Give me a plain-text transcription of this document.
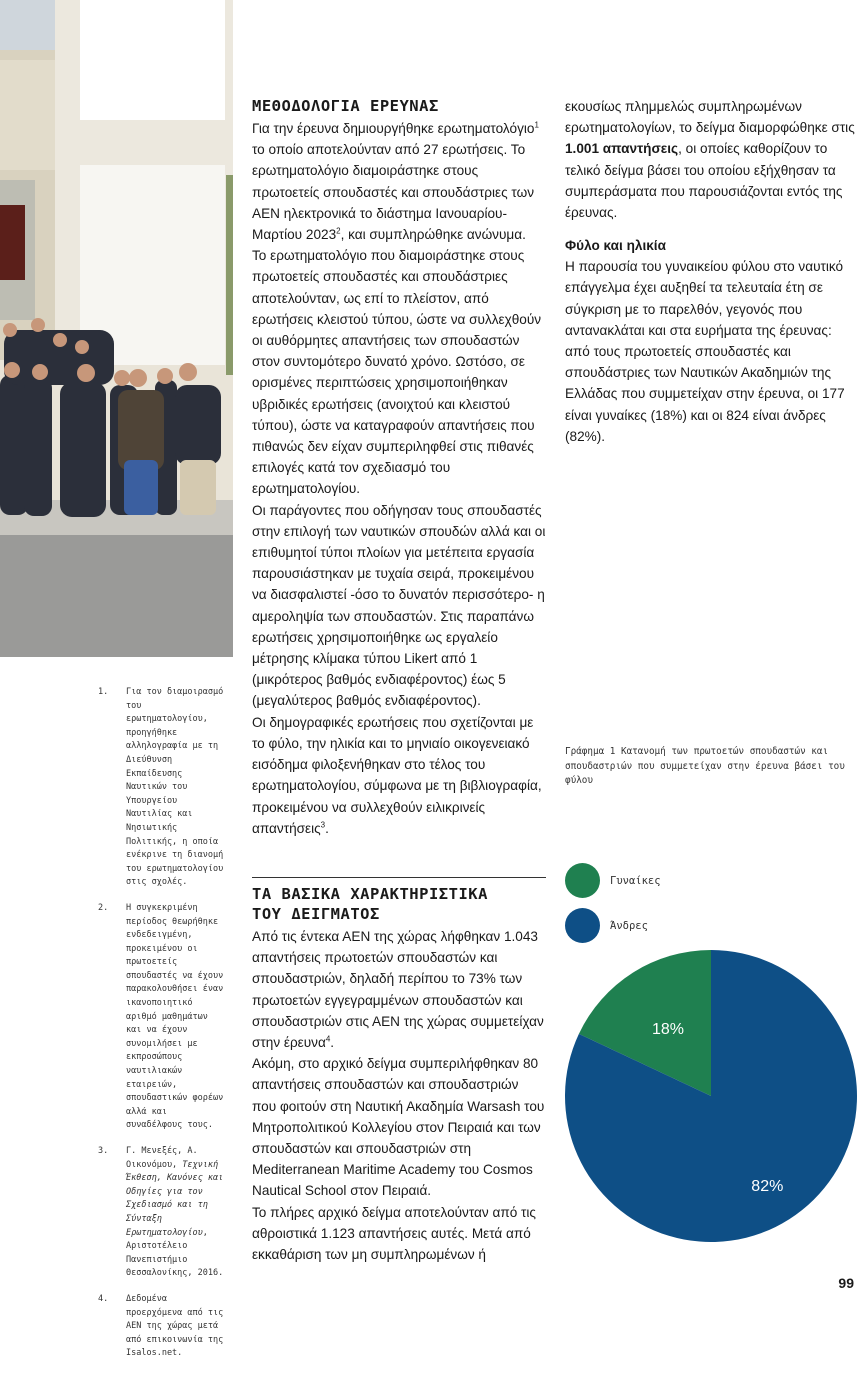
ΜΕΘΟΔΟΛΟΓΙΑ ΕΡΕΥΝΑΣ

Για την έρευνα δημιουργήθηκε ερωτηματολόγιο$^1$ το οποίο αποτελούνταν από 27 ερωτήσεις. Το ερωτηματολόγιο διαμοιράστηκε στους πρωτοετείς σπουδαστές και σπουδάστριες των ΑΕΝ ηλεκτρονικά το διάστημα Ιανουαρίου-Μαρτίου 2023$^2$, και συμπληρώθηκε ανώνυμα.

Το ερωτηματολόγιο που διαμοιράστηκε στους πρωτοετείς σπουδαστές και σπουδάστριες αποτελούνταν, ως επί το πλείστον, από ερωτήσεις κλειστού τύπου, ώστε να συλλεχθούν οι αυθόρμητες απαντήσεις των σπουδαστών στον συντομότερο δυνατό χρόνο. Ωστόσο, σε ορισμένες περιπτώσεις χρησιμοποιήθηκαν υβριδικές ερωτήσεις (ανοιχτού και κλειστού τύπου), ώστε να καταγραφούν απαντήσεις που πιθανώς δεν είχαν συμπεριληφθεί στις πιθανές επιλογές κατά τον σχεδιασμό του ερωτηματολογίου.

Οι παράγοντες που οδήγησαν τους σπουδαστές στην επιλογή των ναυτικών σπουδών αλλά και οι επιθυμητοί τύποι πλοίων για μετέπειτα εργασία παρουσιάστηκαν με τυχαία σειρά, προκειμένου να διασφαλιστεί -όσο το δυνατόν περισσότερο- η αμεροληψία των σπουδαστών. Στις παραπάνω ερωτήσεις χρησιμοποιήθηκε ως εργαλείο μέτρησης κλίμακα τύπου Likert από 1 (μικρότερος βαθμός ενδιαφέροντος) έως 5 (μεγαλύτερος βαθμός ενδιαφέροντος).

Οι δημογραφικές ερωτήσεις που σχετίζονται με το φύλο, την ηλικία και το μηνιαίο οικογενειακό εισόδημα φιλοξενήθηκαν στο τέλος του ερωτηματολογίου, σύμφωνα με τη βιβλιογραφία, προκειμένου να συλλεχθούν ειλικρινείς απαντήσεις$^3$.

ΤΑ ΒΑΣΙΚΑ ΧΑΡΑΚΤΗΡΙΣΤΙΚΑ
ΤΟΥ ΔΕΙΓΜΑΤΟΣ

Από τις έντεκα ΑΕΝ της χώρας λήφθηκαν 1.043 απαντήσεις πρωτοετών σπουδαστών και σπουδαστριών, δηλαδή περίπου το 73% των πρωτοετών εγγεγραμμένων σπουδαστών και σπουδαστριών στις ΑΕΝ της χώρας συμμετείχαν στην έρευνα$^4$.

Ακόμη, στο αρχικό δείγμα συμπεριλήφθηκαν 80 απαντήσεις σπουδαστών και σπουδαστριών που φοιτούν στη Ναυτική Ακαδημία Warsash του Μητροπολιτικού Κολλεγίου στον Πειραιά και των σπουδαστών και σπουδαστριών στη Mediterranean Maritime Academy του Cosmos Nautical School στον Πειραιά.

Το πλήρες αρχικό δείγμα αποτελούνταν από τις αθροιστικά 1.123 απαντήσεις αυτές. Μετά από εκκαθάριση των μη συμπληρωμένων ή

εκουσίως πλημμελώς συμπληρωμένων ερωτηματολογίων, το δείγμα διαμορφώθηκε στις 1.001 απαντήσεις, οι οποίες καθορίζουν το τελικό δείγμα βάσει του οποίου εξήχθησαν τα συμπεράσματα που παρουσιάζονται εντός της έρευνας.

Φύλο και ηλικία

Η παρουσία του γυναικείου φύλου στο ναυτικό επάγγελμα έχει αυξηθεί τα τελευταία έτη σε σύγκριση με το παρελθόν, γεγονός που αντανακλάται και στα ευρήματα της έρευνας: από τους πρωτοετείς σπουδαστές και σπουδάστριες των Ναυτικών Ακαδημιών της Ελλάδας που συμμετείχαν στην έρευνα, οι 177 είναι γυναίκες (18%) και οι 824 είναι άνδρες (82%).

1.	Για τον διαμοιρασμό του ερωτηματολογίου, προηγήθηκε αλληλογραφία με τη Διεύθυνση Εκπαίδευσης Ναυτικών του Υπουργείου Ναυτιλίας και Νησιωτικής Πολιτικής, η οποία ενέκρινε τη διανομή του ερωτηματολογίου στις σχολές.
2.	Η συγκεκριμένη περίοδος θεωρήθηκε ενδεδειγμένη, προκειμένου οι πρωτοετείς σπουδαστές να έχουν παρακολουθήσει έναν ικανοποιητικό αριθμό μαθημάτων και να έχουν συνομιλήσει με εκπροσώπους ναυτιλιακών εταιρειών, σπουδαστικών φορέων αλλά και συναδέλφους τους.
3.	Γ. Μενεξές, Α. Οικονόμου, Τεχνική Έκθεση, Κανόνες και Οδηγίες για τον Σχεδιασμό και τη Σύνταξη Ερωτηματολογίου, Αριστοτέλειο Πανεπιστήμιο Θεσσαλονίκης, 2016.
4.	Δεδομένα προερχόμενα από τις ΑΕΝ της χώρας μετά από επικοινωνία της Isalos.net.
Γράφημα 1 Κατανομή των πρωτοετών σπουδαστών και σπουδαστριών που συμμετείχαν στην έρευνα βάσει του φύλου
Γυναίκες
Άνδρες
18%
82%
99
